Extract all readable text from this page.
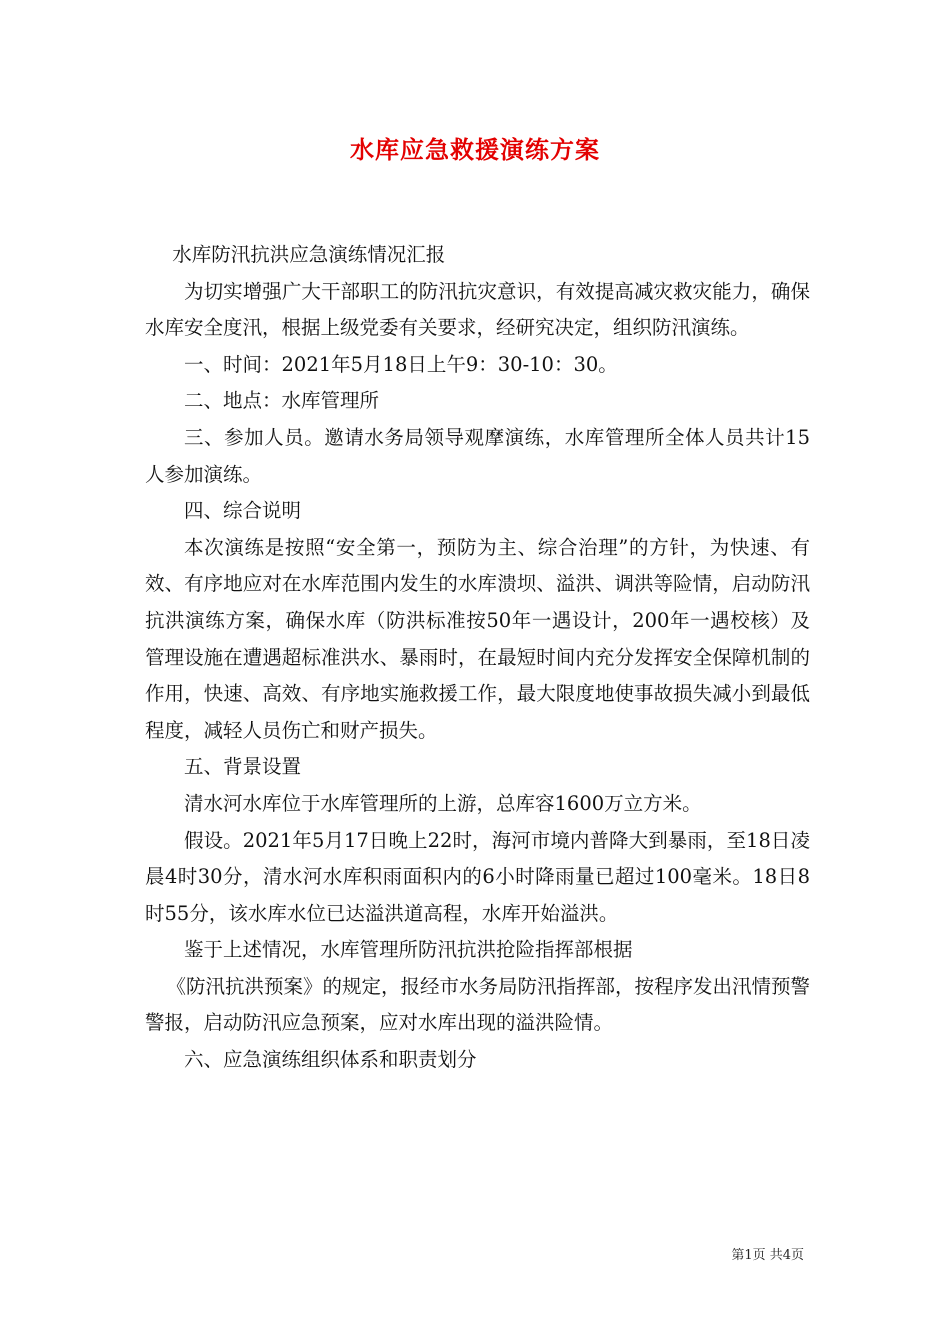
水库应急救援演练方案

水库防汛抗洪应急演练情况汇报

为切实增强广大干部职工的防汛抗灾意识，有效提高减灾救灾能力，确保水库安全度汛，根据上级党委有关要求，经研究决定，组织防汛演练。

一、时间：2021年5月18日上午9：30-10：30。

二、地点：水库管理所

三、参加人员。邀请水务局领导观摩演练，水库管理所全体人员共计15人参加演练。

四、综合说明

本次演练是按照“安全第一，预防为主、综合治理”的方针，为快速、有效、有序地应对在水库范围内发生的水库溃坝、溢洪、调洪等险情，启动防汛抗洪演练方案，确保水库（防洪标准按50年一遇设计，200年一遇校核）及管理设施在遭遇超标准洪水、暴雨时，在最短时间内充分发挥安全保障机制的作用，快速、高效、有序地实施救援工作，最大限度地使事故损失减小到最低程度，减轻人员伤亡和财产损失。

五、背景设置

清水河水库位于水库管理所的上游，总库容1600万立方米。

假设。2021年5月17日晚上22时，海河市境内普降大到暴雨，至18日凌晨4时30分，清水河水库积雨面积内的6小时降雨量已超过100毫米。18日8时55分，该水库水位已达溢洪道高程，水库开始溢洪。

鉴于上述情况，水库管理所防汛抗洪抢险指挥部根据

《防汛抗洪预案》的规定，报经市水务局防汛指挥部，按程序发出汛情预警警报，启动防汛应急预案，应对水库出现的溢洪险情。

六、应急演练组织体系和职责划分

第1页 共4页
